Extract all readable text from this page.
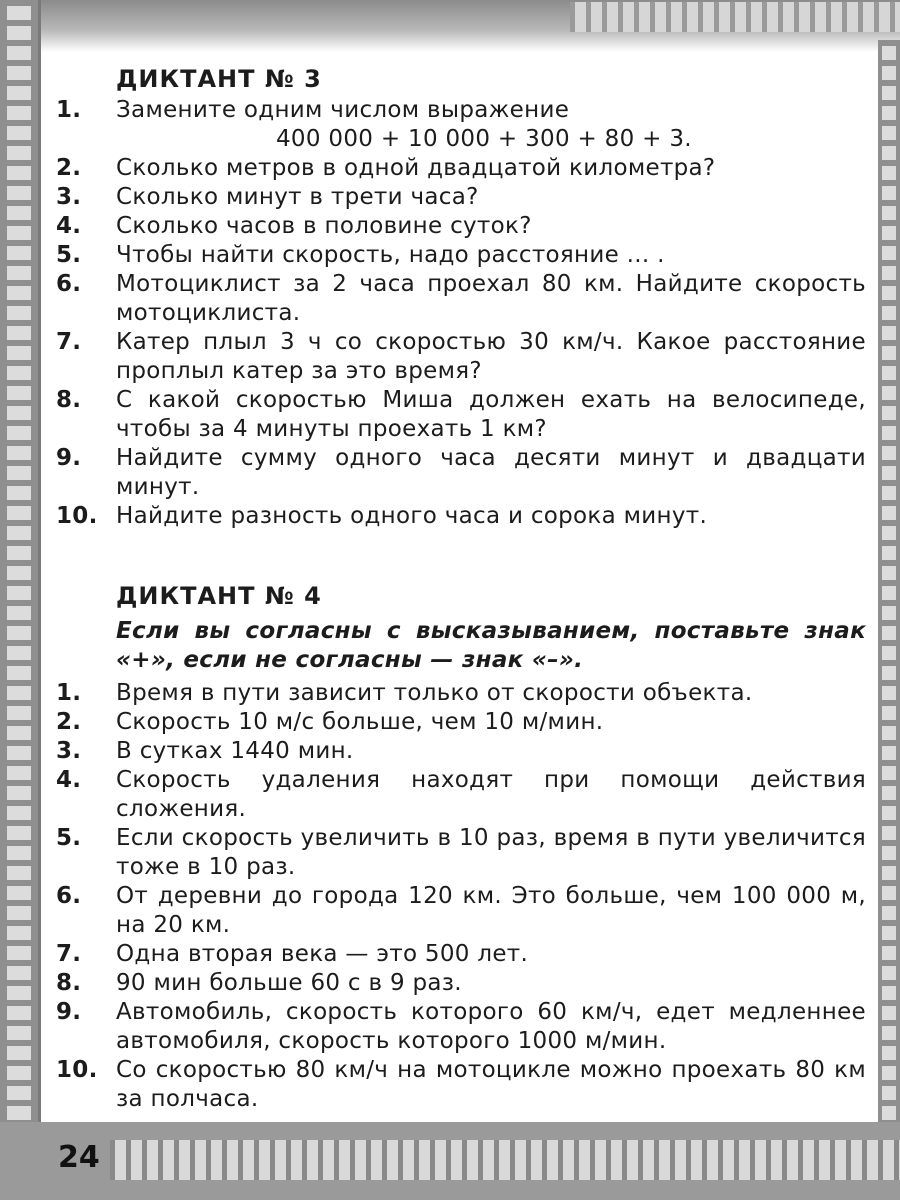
24
ДИКТАНТ № 3
1.	Замените одним числом выражение
400 000 + 10 000 + 300 + 80 + 3.
2.	Сколько метров в одной двадцатой километра?
3.	Сколько минут в трети часа?
4.	Сколько часов в половине суток?
5.	Чтобы найти скорость, надо расстояние ... .
6.	Мотоциклист за 2 часа проехал 80 км. Найдите скорость мотоциклиста.
7.	Катер плыл 3 ч со скоростью 30 км/ч. Какое расстояние проплыл катер за это время?
8.	С какой скоростью Миша должен ехать на велосипеде, чтобы за 4 минуты проехать 1 км?
9.	Найдите сумму одного часа десяти минут и двадцати минут.
10. Найдите разность одного часа и сорока минут.
ДИКТАНТ № 4
Если вы согласны с высказыванием, поставьте знак «+», если не согласны — знак «–».
1.	Время в пути зависит только от скорости объекта.
2.	Скорость 10 м/с больше, чем 10 м/мин.
3.	В сутках 1440 мин.
4.	Скорость удаления находят при помощи действия сложения.
5.	Если скорость увеличить в 10 раз, время в пути увеличится тоже в 10 раз.
6.	От деревни до города 120 км. Это больше, чем 100 000 м, на 20 км.
7.	Одна вторая века — это 500 лет.
8.	90 мин больше 60 с в 9 раз.
9.	Автомобиль, скорость которого 60 км/ч, едет медленнее автомобиля, скорость которого 1000 м/мин.
10. Со скоростью 80 км/ч на мотоцикле можно проехать 80 км за полчаса.
